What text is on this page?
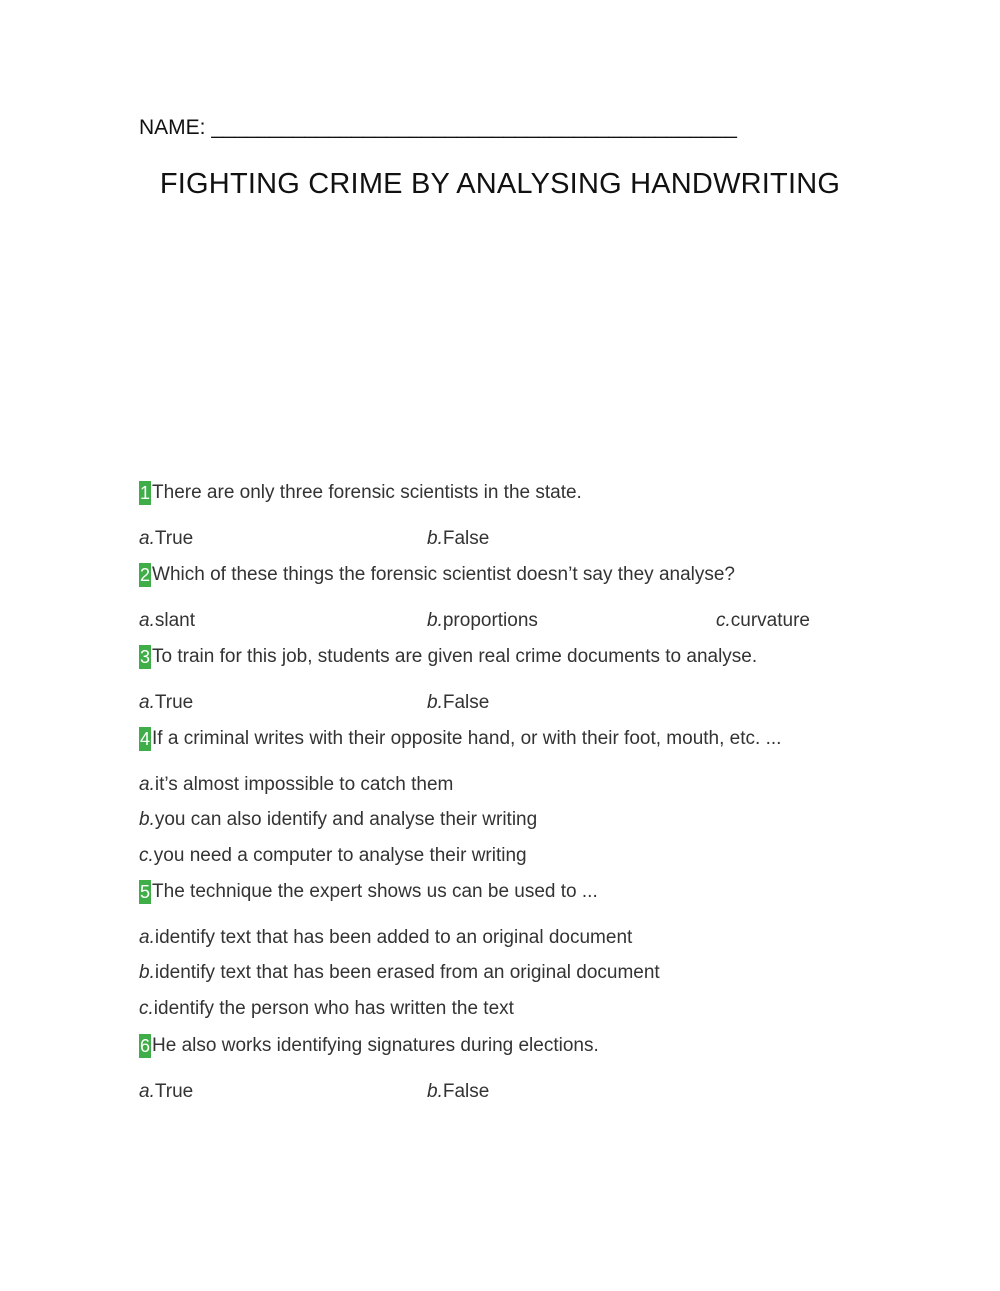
NAME: _____________________________________________
FIGHTING CRIME BY ANALYSING HANDWRITING
1 There are only three forensic scientists in the state.
a.True	b.False
2 Which of these things the forensic scientist doesn’t say they analyse?
a.slant	b.proportions	c.curvature
3 To train for this job, students are given real crime documents to analyse.
a.True	b.False
4 If a criminal writes with their opposite hand, or with their foot, mouth, etc. ...
a.it’s almost impossible to catch them
b.you can also identify and analyse their writing
c.you need a computer to analyse their writing
5 The technique the expert shows us can be used to ...
a.identify text that has been added to an original document
b.identify text that has been erased from an original document
c.identify the person who has written the text
6 He also works identifying signatures during elections.
a.True	b.False
